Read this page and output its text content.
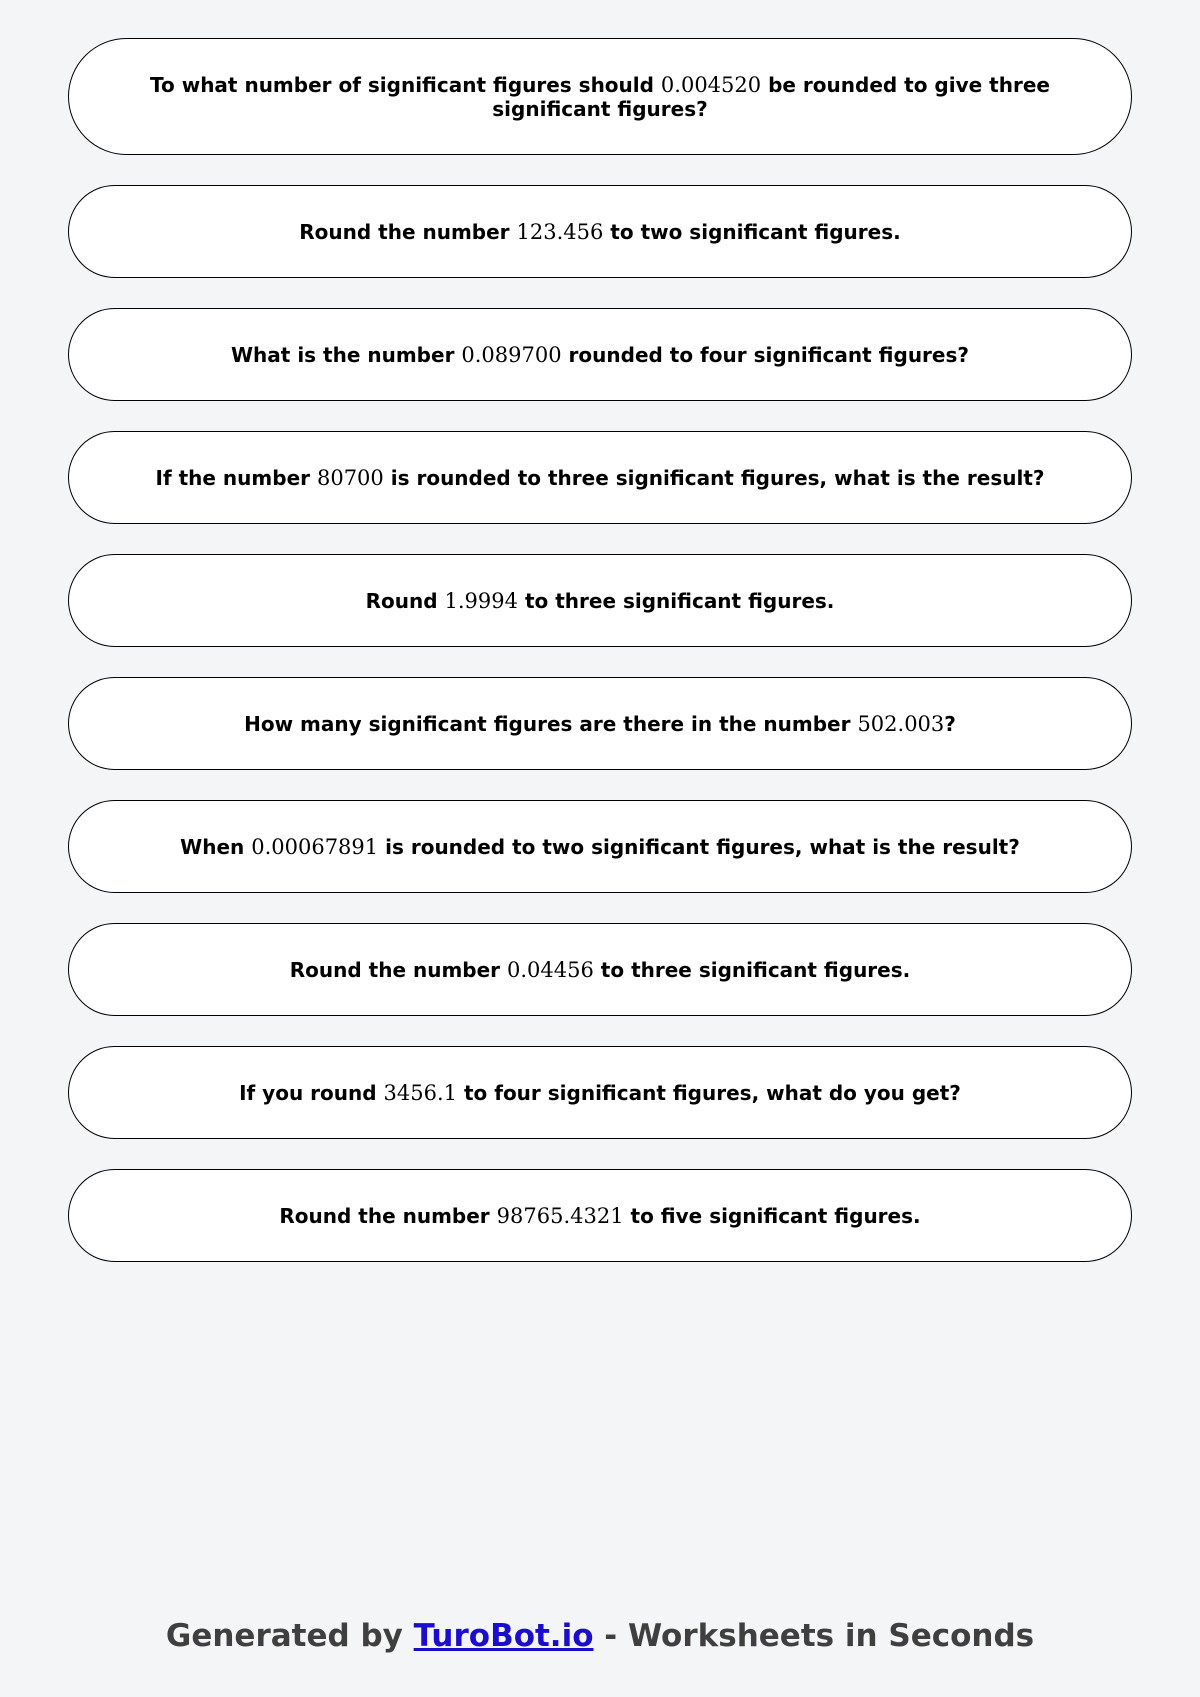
To what number of significant figures should 0.004520 be rounded to give three significant figures?
Round the number 123.456 to two significant figures.
What is the number 0.089700 rounded to four significant figures?
If the number 80700 is rounded to three significant figures, what is the result?
Round 1.9994 to three significant figures.
How many significant figures are there in the number 502.003?
When 0.00067891 is rounded to two significant figures, what is the result?
Round the number 0.04456 to three significant figures.
If you round 3456.1 to four significant figures, what do you get?
Round the number 98765.4321 to five significant figures.
Generated by TuroBot.io - Worksheets in Seconds
